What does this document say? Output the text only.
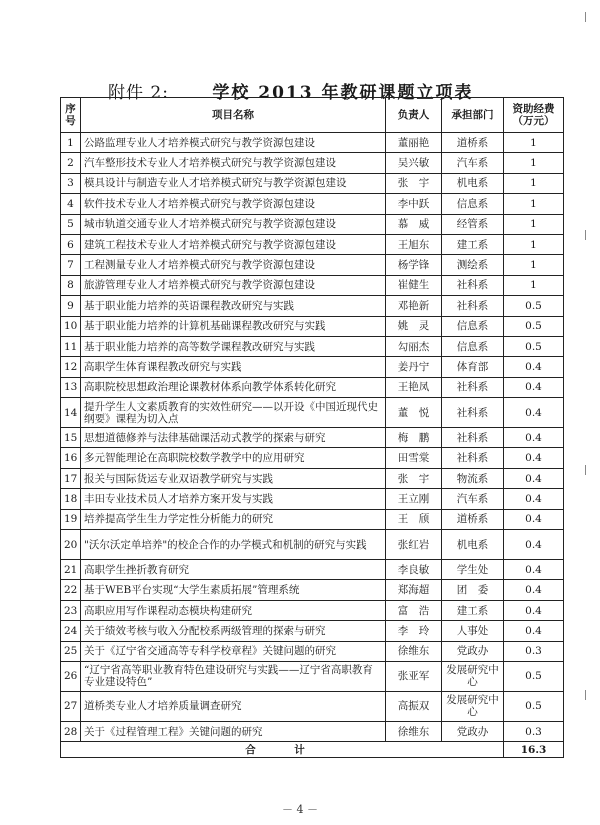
附件 2:	学校 2013 年教研课题立项表
序号	项目名称	负责人	承担部门	资助经费（万元）
1	公路监理专业人才培养模式研究与教学资源包建设	董丽艳	道桥系	1
2	汽车整形技术专业人才培养模式研究与教学资源包建设	吴兴敏	汽车系	1
3	模具设计与制造专业人才培养模式研究与教学资源包建设	张　宇	机电系	1
4	软件技术专业人才培养模式研究与教学资源包建设	李中跃	信息系	1
5	城市轨道交通专业人才培养模式研究与教学资源包建设	慕　威	经管系	1
6	建筑工程技术专业人才培养模式研究与教学资源包建设	王旭东	建工系	1
7	工程测量专业人才培养模式研究与教学资源包建设	杨学锋	测绘系	1
8	旅游管理专业人才培养模式研究与教学资源包建设	崔健生	社科系	1
9	基于职业能力培养的英语课程教改研究与实践	邓艳新	社科系	0.5
10	基于职业能力培养的计算机基础课程教改研究与实践	姚　灵	信息系	0.5
11	基于职业能力培养的高等数学课程教改研究与实践	勾丽杰	信息系	0.5
12	高职学生体育课程教改研究与实践	姜丹宁	体育部	0.4
13	高职院校思想政治理论课教材体系向教学体系转化研究	王艳凤	社科系	0.4
14	提升学生人文素质教育的实效性研究——以开设《中国近现代史纲要》课程为切入点	董　悦	社科系	0.4
15	思想道德修养与法律基础课活动式教学的探索与研究	梅　鹏	社科系	0.4
16	多元智能理论在高职院校数学教学中的应用研究	田雪棠	社科系	0.4
17	报关与国际货运专业双语教学研究与实践	张　宇	物流系	0.4
18	丰田专业技术员人才培养方案开发与实践	王立刚	汽车系	0.4
19	培养提高学生生力学定性分析能力的研究	王　颀	道桥系	0.4
20	"沃尔沃定单培养"的校企合作的办学模式和机制的研究与实践	张红岩	机电系	0.4
21	高职学生挫折教育研究	李良敏	学生处	0.4
22	基于WEB平台实现“大学生素质拓展”管理系统	郑海超	团　委	0.4
23	高职应用写作课程动态模块构建研究	富　浩	建工系	0.4
24	关于绩效考核与收入分配校系两级管理的探索与研究	李　玲	人事处	0.4
25	关于《辽宁省交通高等专科学校章程》关键问题的研究	徐维东	党政办	0.3
26	“辽宁省高等职业教育特色建设研究与实践——辽宁省高职教育专业建设特色”	张亚军	发展研究中心	0.5
27	道桥类专业人才培养质量调查研究	高振双	发展研究中心	0.5
28	关于《过程管理工程》关键问题的研究	徐维东	党政办	0.3
合　计				16.3
－ 4 －
